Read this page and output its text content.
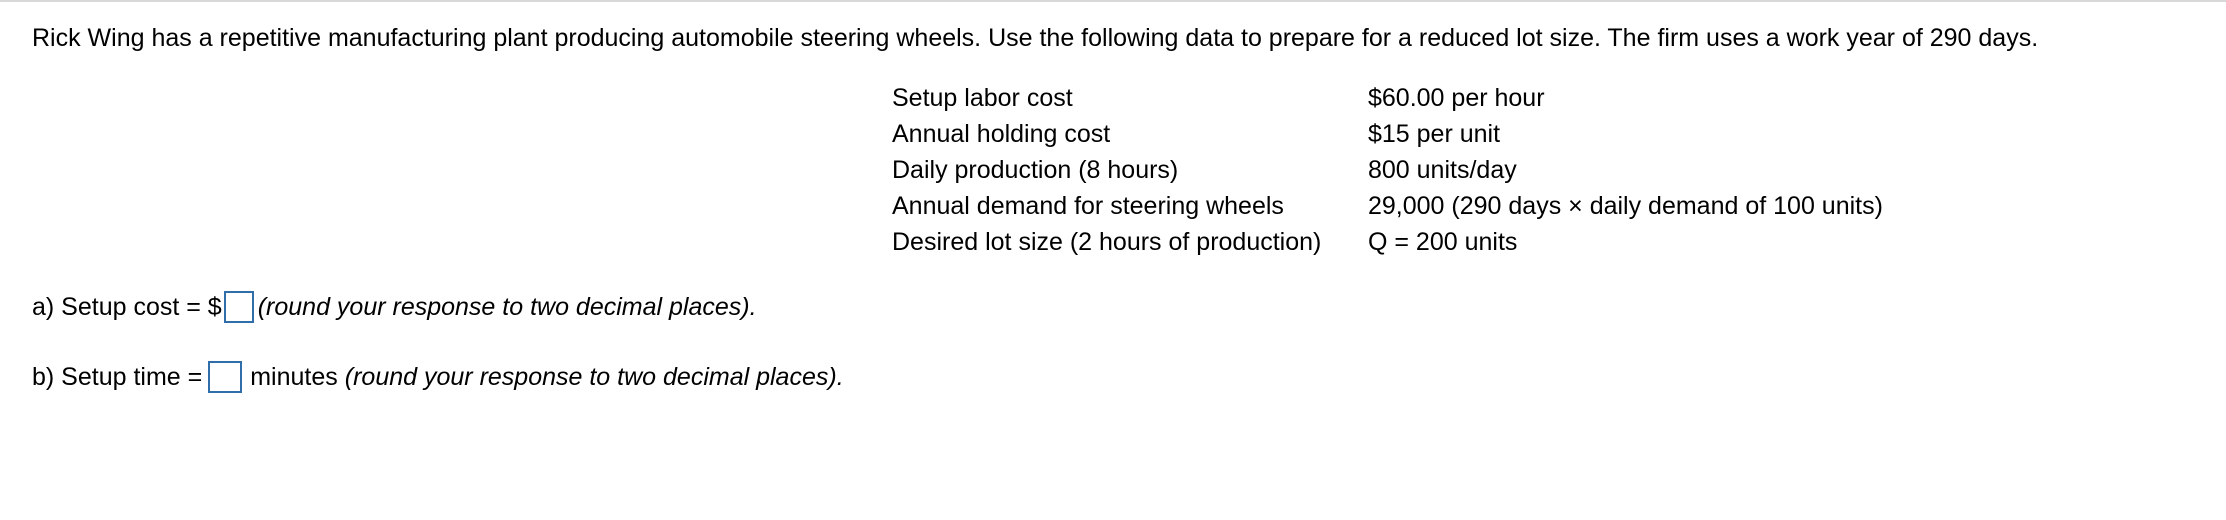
Rick Wing has a repetitive manufacturing plant producing automobile steering wheels. Use the following data to prepare for a reduced lot size. The firm uses a work year of 290 days.
Setup labor cost	$60.00 per hour
Annual holding cost	$15 per unit
Daily production (8 hours)	800 units/day
Annual demand for steering wheels	29,000 (290 days × daily demand of 100 units)
Desired lot size (2 hours of production)	Q = 200 units
a) Setup cost = $ (round your response to two decimal places).
b) Setup time = minutes (round your response to two decimal places).
